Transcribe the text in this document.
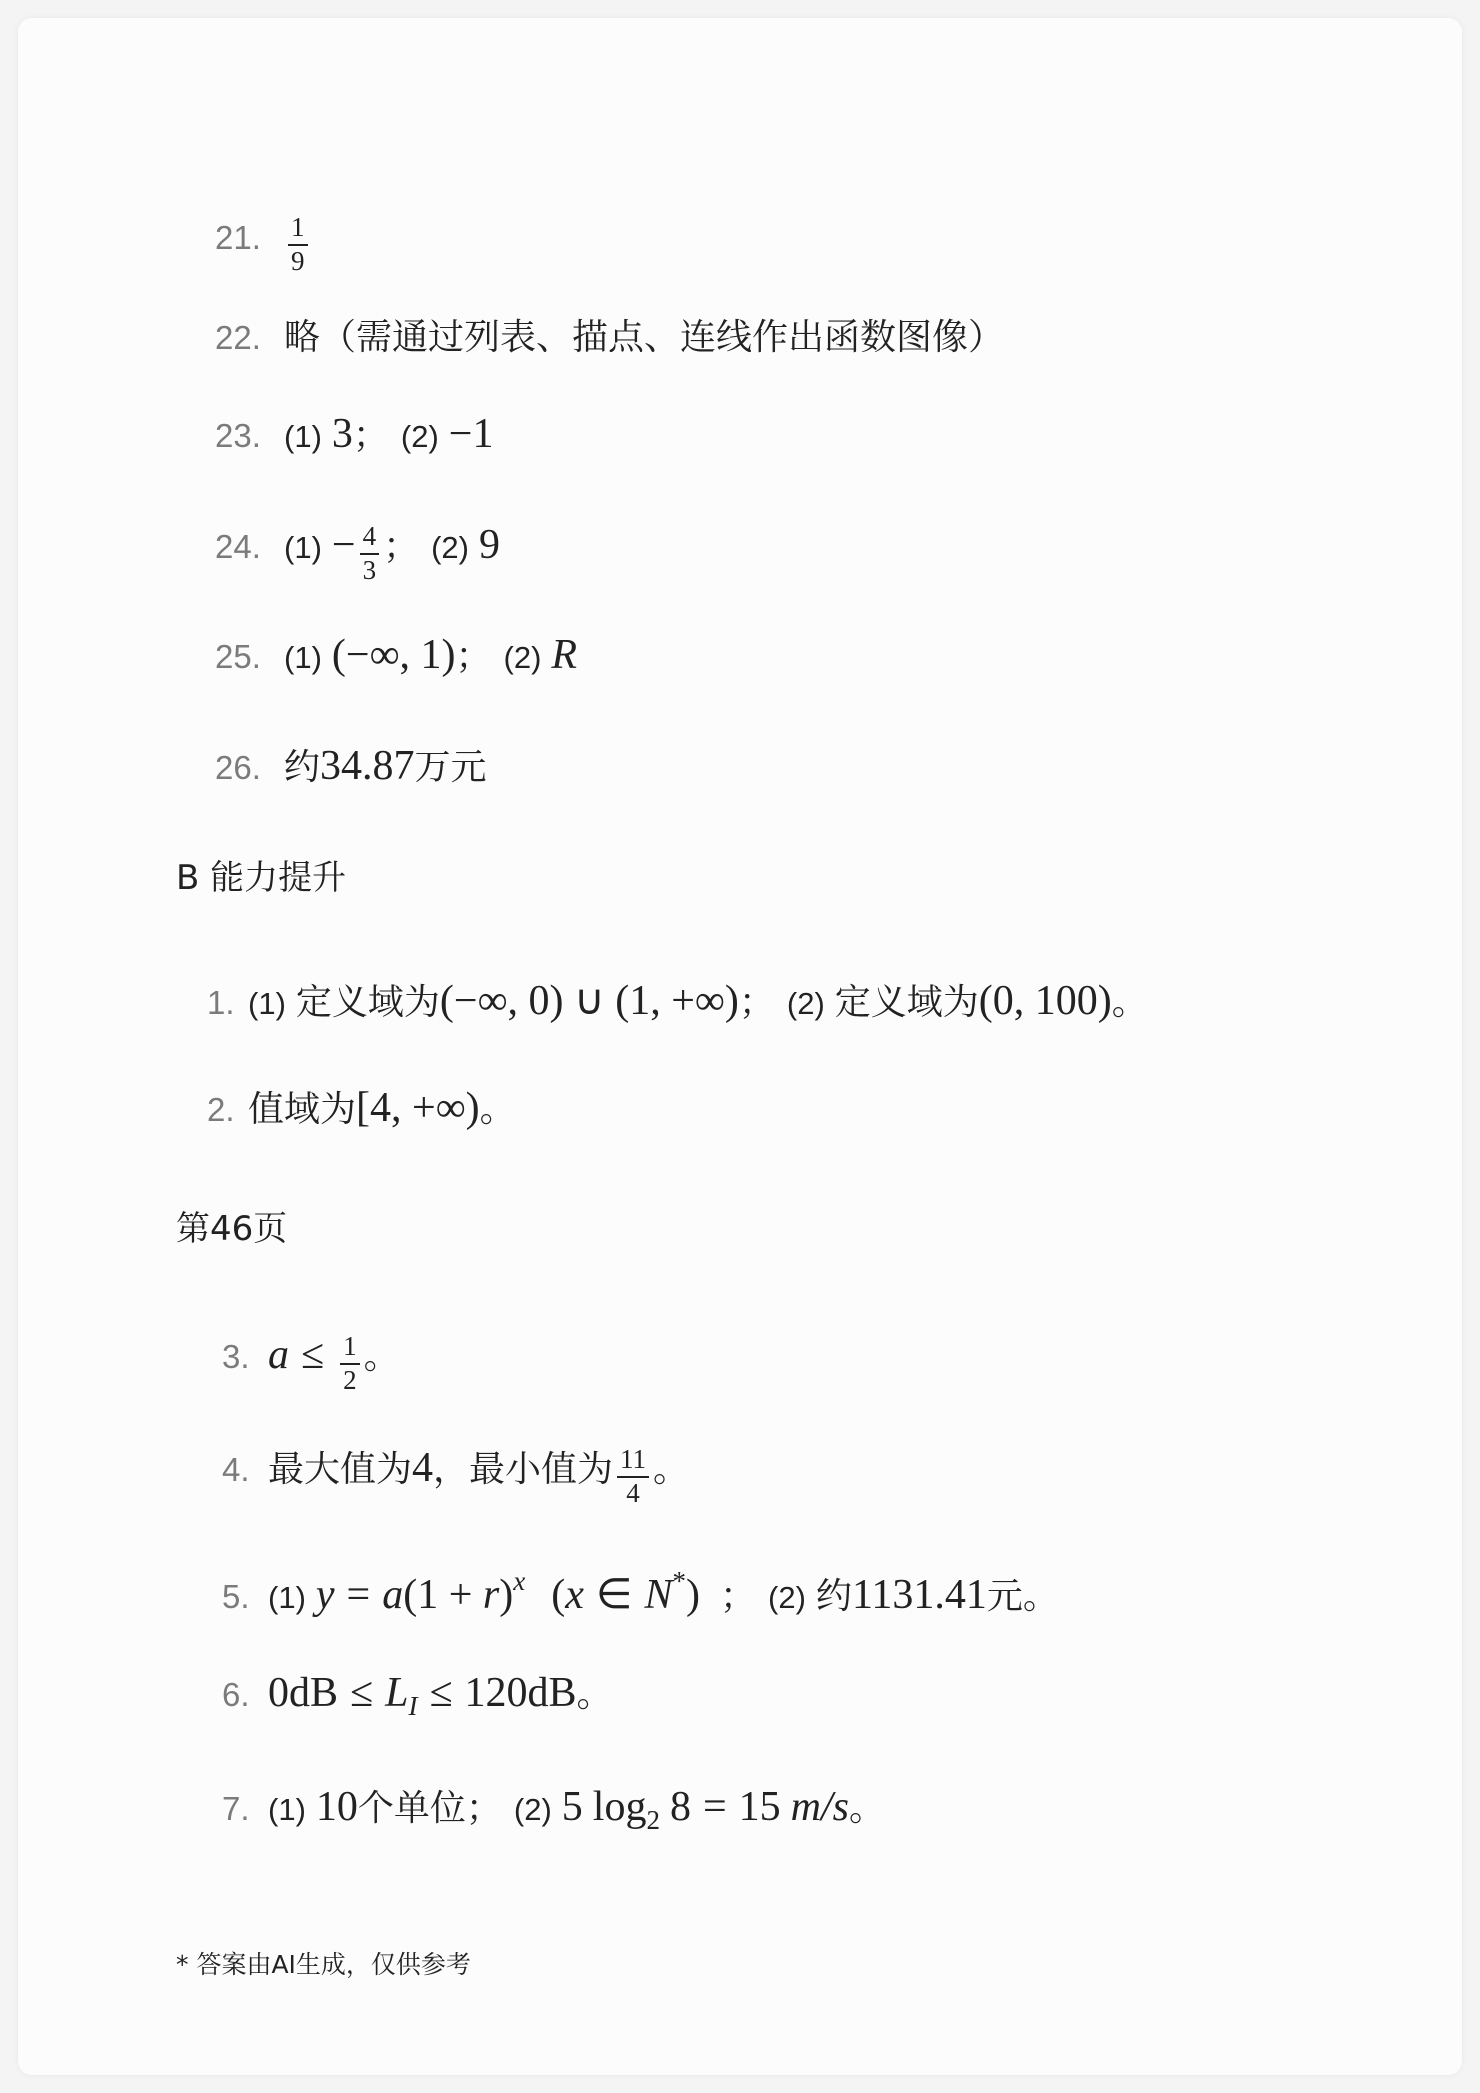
21. $\frac{1}{9}$
22. 略（需通过列表、描点、连线作出函数图像）
23. (1) 3； (2) −1
24. $(1) - \frac{4}{3}$ ； (2) 9
25. (1) (−∞, 1)； (2) R
26. 约34.87万元
B 能力提升
1. (1) 定义域为(−∞, 0) ∪ (1, +∞)； (2) 定义域为(0, 100)。
2. 值域为[4, +∞)。
第46页
3. $a \le \frac{1}{2}$ 。
4. 最大值为4，最小值为 $\frac{11}{4}$ 。
5. (1) y = a(1 + r)x (x ∈ N*) ； (2) 约1131.41元。
6. 0dB ≤ LI ≤ 120dB。
7. (1) 10个单位； (2) 5 log2 8 = 15 m/s。
* 答案由AI生成，仅供参考
